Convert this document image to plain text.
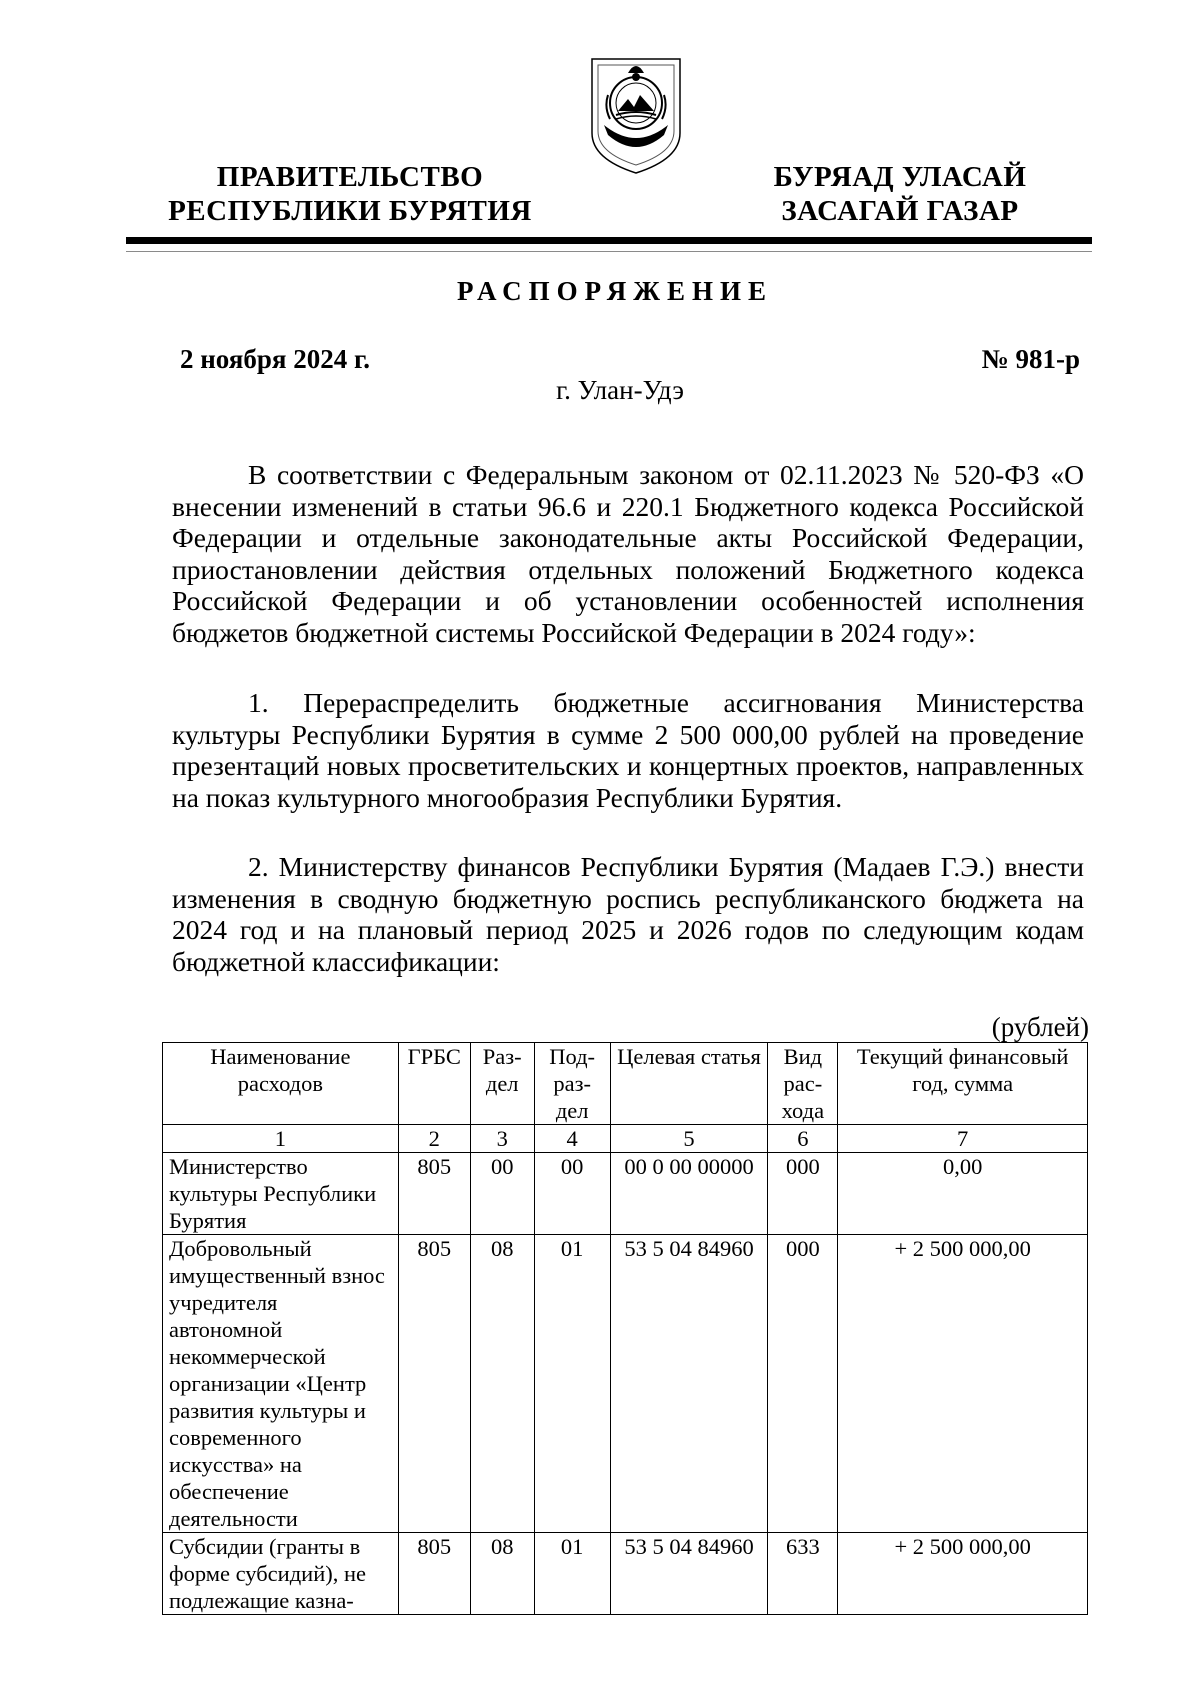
ПРАВИТЕЛЬСТВО
РЕСПУБЛИКИ БУРЯТИЯ
БУРЯАД УЛАСАЙ
ЗАСАГАЙ ГАЗАР
РАСПОРЯЖЕНИЕ
2 ноября 2024 г.	№ 981-р
г. Улан-Удэ

В соответствии с Федеральным законом от 02.11.2023 № 520-ФЗ «О внесении изменений в статьи 96.6 и 220.1 Бюджетного кодекса Российской Федерации и отдельные законодательные акты Российской Федерации, приостановлении действия отдельных положений Бюджетного кодекса Российской Федерации и об установлении особенностей исполнения бюджетов бюджетной системы Российской Федерации в 2024 году»:

1. Перераспределить бюджетные ассигнования Министерства культуры Республики Бурятия в сумме 2 500 000,00 рублей на проведение презентаций новых просветительских и концертных проектов, направленных на показ культурного многообразия Республики Бурятия.

2. Министерству финансов Республики Бурятия (Мадаев Г.Э.) внести изменения в сводную бюджетную роспись республиканского бюджета на 2024 год и на плановый период 2025 и 2026 годов по следующим кодам бюджетной классификации:

(рублей)
Наименование расходов	ГРБС	Раз-дел	Под-раз-дел	Целевая статья	Вид рас-хода	Текущий финансовый год, сумма
1	2	3	4	5	6	7
Министерство культуры Республики Бурятия	805	00	00	00 0 00 00000	000	0,00
Добровольный имущественный взнос учредителя автономной некоммерческой организации «Центр развития культуры и современного искусства» на обеспечение деятельности	805	08	01	53 5 04 84960	000	+ 2 500 000,00
Субсидии (гранты в форме субсидий), не подлежащие казна-	805	08	01	53 5 04 84960	633	+ 2 500 000,00
